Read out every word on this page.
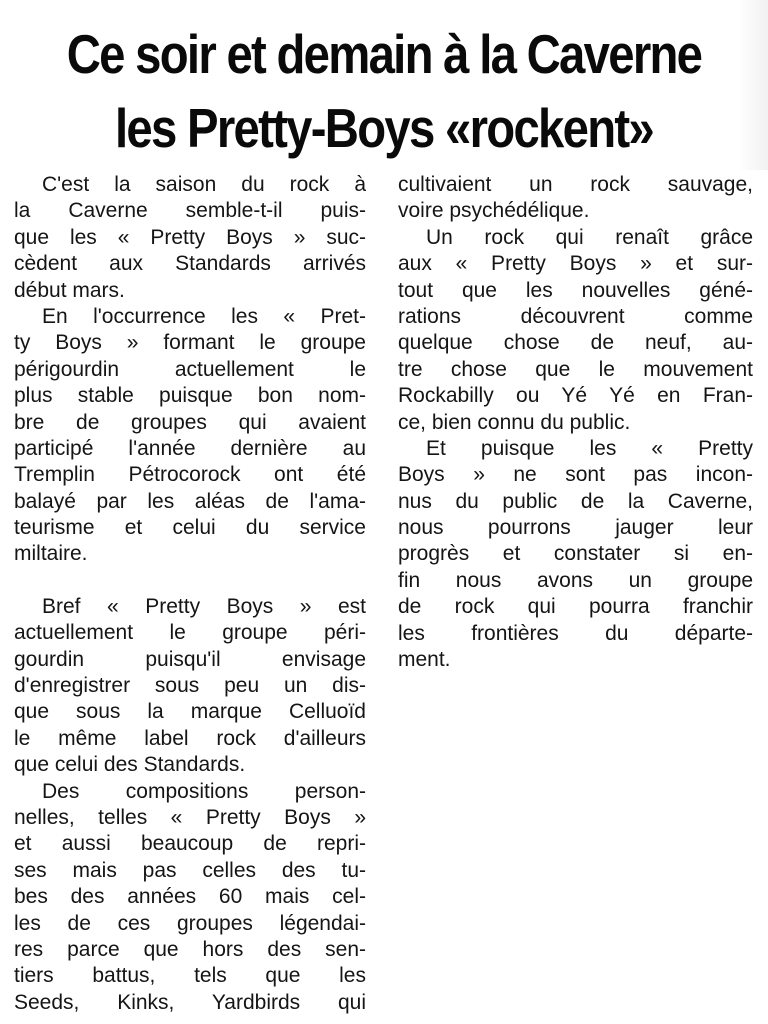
Ce soir et demain à la Caverne
les Pretty-Boys «rockent»
C'est la saison du rock à
la Caverne semble-t-il puis-
que les « Pretty Boys » suc-
cèdent aux Standards arrivés
début mars.
En l'occurrence les « Pret-
ty Boys » formant le groupe
périgourdin actuellement le
plus stable puisque bon nom-
bre de groupes qui avaient
participé l'année dernière au
Tremplin Pétrocorock ont été
balayé par les aléas de l'ama-
teurisme et celui du service
miltaire.
Bref « Pretty Boys » est
actuellement le groupe péri-
gourdin puisqu'il envisage
d'enregistrer sous peu un dis-
que sous la marque Celluoïd
le même label rock d'ailleurs
que celui des Standards.
Des compositions person-
nelles, telles « Pretty Boys »
et aussi beaucoup de repri-
ses mais pas celles des tu-
bes des années 60 mais cel-
les de ces groupes légendai-
res parce que hors des sen-
tiers battus, tels que les
Seeds, Kinks, Yardbirds qui
cultivaient un rock sauvage,
voire psychédélique.
Un rock qui renaît grâce
aux « Pretty Boys » et sur-
tout que les nouvelles géné-
rations découvrent comme
quelque chose de neuf, au-
tre chose que le mouvement
Rockabilly ou Yé Yé en Fran-
ce, bien connu du public.
Et puisque les « Pretty
Boys » ne sont pas incon-
nus du public de la Caverne,
nous pourrons jauger leur
progrès et constater si en-
fin nous avons un groupe
de rock qui pourra franchir
les frontières du départe-
ment.
